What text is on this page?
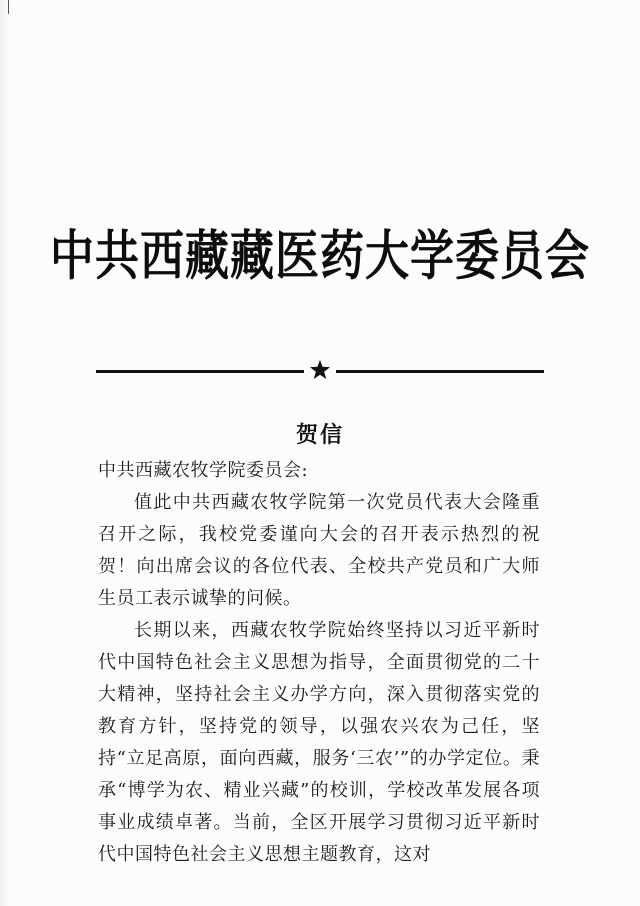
中共西藏藏医药大学委员会
贺信

中共西藏农牧学院委员会:

值此中共西藏农牧学院第一次党员代表大会隆重召开之际，我校党委谨向大会的召开表示热烈的祝贺！向出席会议的各位代表、全校共产党员和广大师生员工表示诚挚的问候。

长期以来，西藏农牧学院始终坚持以习近平新时代中国特色社会主义思想为指导，全面贯彻党的二十大精神，坚持社会主义办学方向，深入贯彻落实党的教育方针，坚持党的领导，以强农兴农为己任，坚持“立足高原，面向西藏，服务‘三农’”的办学定位。秉承“博学为农、精业兴藏”的校训，学校改革发展各项事业成绩卓著。当前，全区开展学习贯彻习近平新时代中国特色社会主义思想主题教育，这对
